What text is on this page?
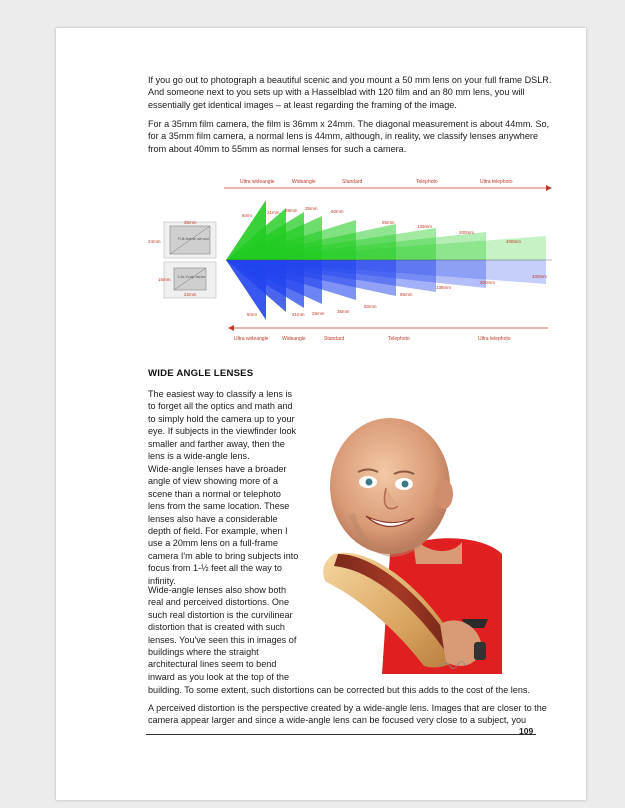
If you go out to photograph a beautiful scenic and you mount a 50 mm lens on your full frame DSLR. And someone next to you sets up with a Hasselblad with 120 film and an 80 mm lens, you will essentially get identical images – at least regarding the framing of the image.
For a 35mm film camera, the film is 36mm x 24mm. The diagonal measurement is about 44mm. So, for a 35mm film camera, a normal lens is 44mm, although, in reality, we classify lenses anywhere from about 40mm to 55mm as normal lenses for such a camera.
Ultra wideangle	Wideangle	Standard	Telephoto	Ultra telephoto
36mm
24mm
Full-frame sensor
22mm
15mm
1.6x Crop factor
8mm
21mm 28mm 35mm
50mm
85mm
135mm
200mm
400mm
8mm	21mm 28mm	35mm
50mm
85mm
135mm
200mm
400mm
Ultra wideangle	Wideangle	Standard	Telephoto	Ultra telephoto
WIDE ANGLE LENSES
The easiest way to classify a lens is to forget all the optics and math and to simply hold the camera up to your eye. If subjects in the viewfinder look smaller and farther away, then the lens is a wide-angle lens.
Wide-angle lenses have a broader angle of view showing more of a scene than a normal or telephoto lens from the same location. These lenses also have a considerable depth of field. For example, when I use a 20mm lens on a full-frame camera I'm able to bring subjects into focus from 1-½ feet all the way to infinity.
Wide-angle lenses also show both real and perceived distortions. One such real distortion is the curvilinear distortion that is created with such lenses. You've seen this in images of buildings where the straight architectural lines seem to bend inward as you look at the top of the
building. To some extent, such distortions can be corrected but this adds to the cost of the lens.
A perceived distortion is the perspective created by a wide-angle lens. Images that are closer to the camera appear larger and since a wide-angle lens can be focused very close to a subject, you
109
